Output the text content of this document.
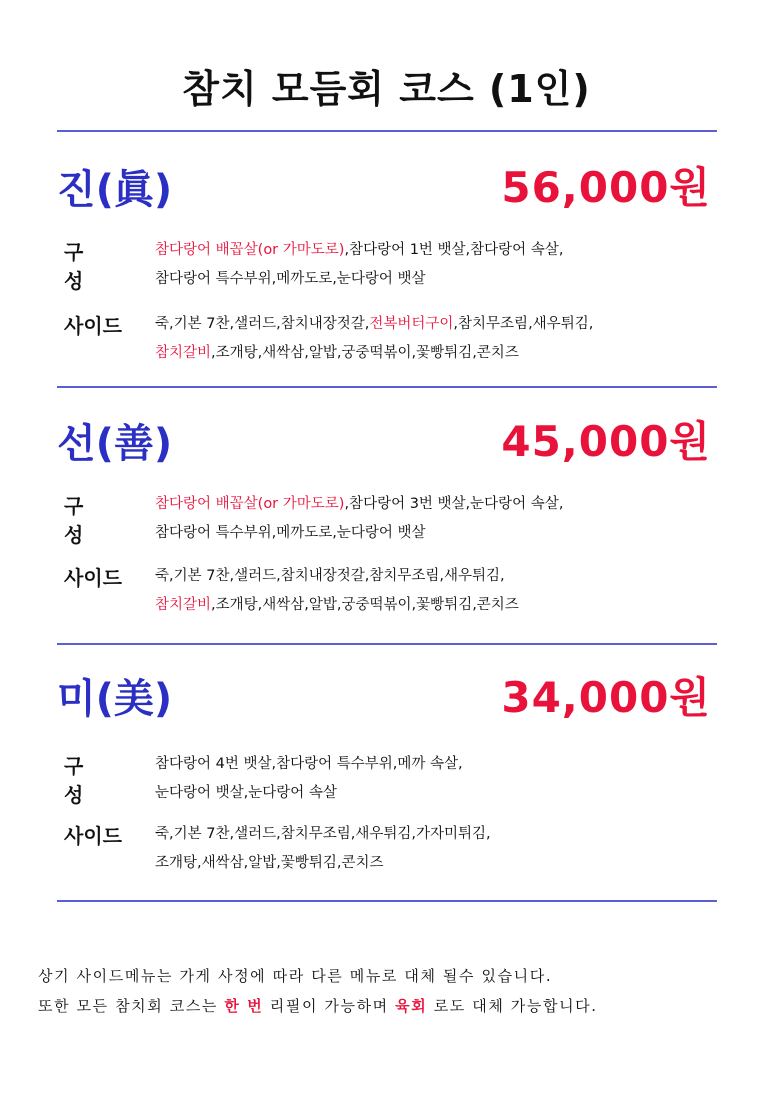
참치 모듬회 코스 (1인)
진(眞)	56,000원
구 성
참다랑어 배꼽살(or 가마도로),참다랑어 1번 뱃살,참다랑어 속살,
참다랑어 특수부위,메까도로,눈다랑어 뱃살
사이드	죽,기본 7찬,샐러드,참치내장젓갈,전복버터구이,참치무조림,새우튀김,
참치갈비,조개탕,새싹삼,알밥,궁중떡볶이,꽃빵튀김,콘치즈
선(善)	45,000원
구 성
참다랑어 배꼽살(or 가마도로),참다랑어 3번 뱃살,눈다랑어 속살,
참다랑어 특수부위,메까도로,눈다랑어 뱃살
사이드	죽,기본 7찬,샐러드,참치내장젓갈,참치무조림,새우튀김,
참치갈비,조개탕,새싹삼,알밥,궁중떡볶이,꽃빵튀김,콘치즈
미(美)	34,000원
구 성
참다랑어 4번 뱃살,참다랑어 특수부위,메까 속살,
눈다랑어 뱃살,눈다랑어 속살
사이드	죽,기본 7찬,샐러드,참치무조림,새우튀김,가자미튀김,
조개탕,새싹삼,알밥,꽃빵튀김,콘치즈
상기 사이드메뉴는 가게 사정에 따라 다른 메뉴로 대체 될수 있습니다.
또한 모든 참치회 코스는 한 번 리필이 가능하며 육회 로도 대체 가능합니다.
